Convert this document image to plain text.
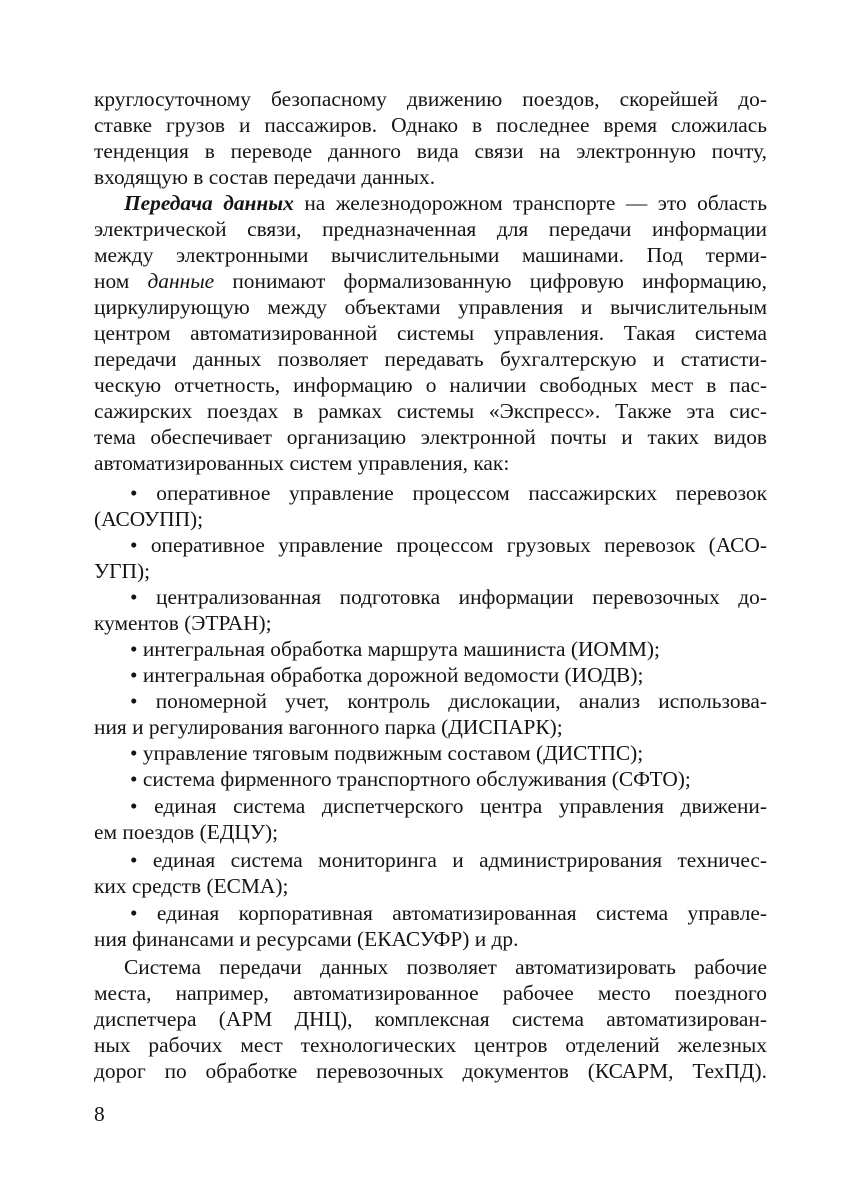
круглосуточному безопасному движению поездов, скорейшей до-
ставке грузов и пассажиров. Однако в последнее время сложилась
тенденция в переводе данного вида связи на электронную почту,
входящую в состав передачи данных.
Передача данных на железнодорожном транспорте — это область
электрической связи, предназначенная для передачи информации
между электронными вычислительными машинами. Под терми-
ном данные понимают формализованную цифровую информацию,
циркулирующую между объектами управления и вычислительным
центром автоматизированной системы управления. Такая система
передачи данных позволяет передавать бухгалтерскую и статисти-
ческую отчетность, информацию о наличии свободных мест в пас-
сажирских поездах в рамках системы «Экспресс». Также эта сис-
тема обеспечивает организацию электронной почты и таких видов
автоматизированных систем управления, как:
• оперативное управление процессом пассажирских перевозок
(АСОУПП);
• оперативное управление процессом грузовых перевозок (АСО-
УГП);
• централизованная подготовка информации перевозочных до-
кументов (ЭТРАН);
• интегральная обработка маршрута машиниста (ИОММ);
• интегральная обработка дорожной ведомости (ИОДВ);
• пономерной учет, контроль дислокации, анализ использова-
ния и регулирования вагонного парка (ДИСПАРК);
• управление тяговым подвижным составом (ДИСТПС);
• система фирменного транспортного обслуживания (СФТО);
• единая система диспетчерского центра управления движени-
ем поездов (ЕДЦУ);
• единая система мониторинга и администрирования техничес-
ких средств (ЕСМА);
• единая корпоративная автоматизированная система управле-
ния финансами и ресурсами (ЕКАСУФР) и др.
Система передачи данных позволяет автоматизировать рабочие
места, например, автоматизированное рабочее место поездного
диспетчера (АРМ ДНЦ), комплексная система автоматизирован-
ных рабочих мест технологических центров отделений железных
дорог по обработке перевозочных документов (КСАРМ, ТехПД).
8
